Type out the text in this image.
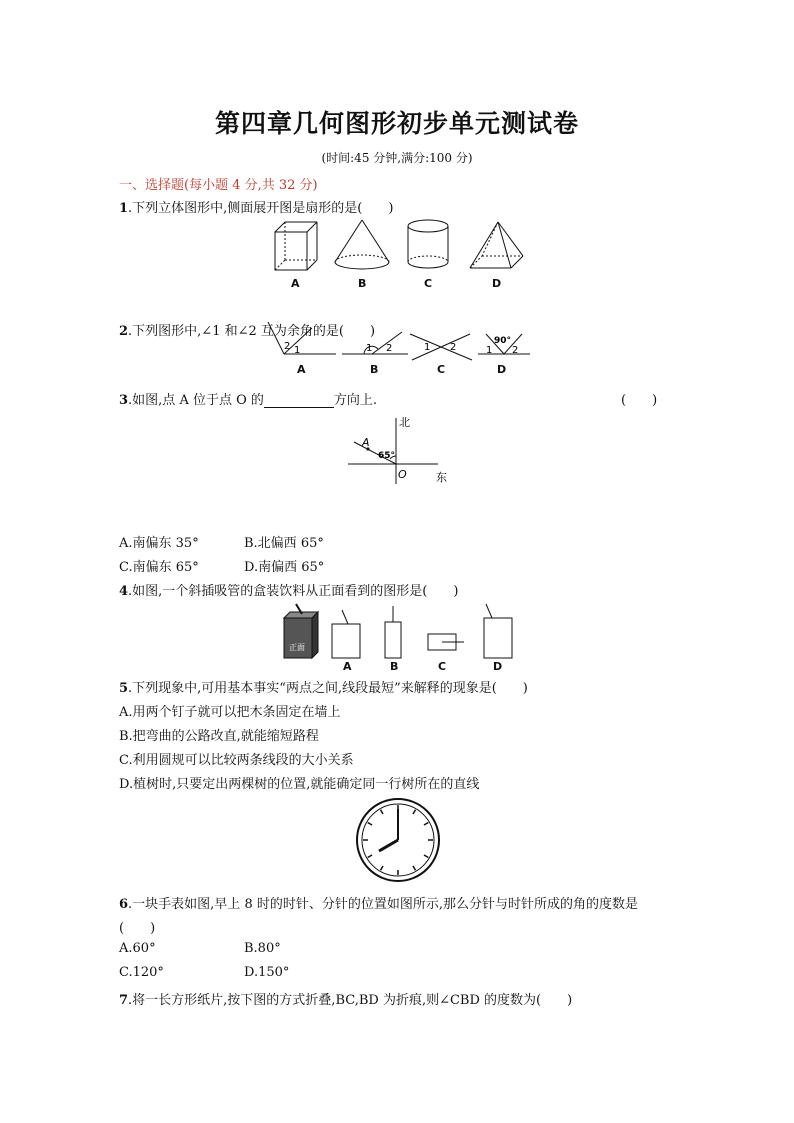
第四章几何图形初步单元测试卷
(时间:45 分钟,满分:100 分)
一、选择题(每小题 4 分,共 32 分)
1.下列立体图形中,侧面展开图是扇形的是(　　)
A	B	C	D
2.下列图形中,∠1 和∠2 互为余角的是(　　)
2 1	1 2	1 2
90°
1 2
A	B	C	D
3.如图,点 A 位于点 O 的	方向上.	(　　)
北
东
O
A
65°
A.南偏东 35°	B.北偏西 65°
C.南偏东 65°	D.南偏西 65°
4.如图,一个斜插吸管的盒装饮料从正面看到的图形是(　　)
正面
A	B	C	D
5.下列现象中,可用基本事实“两点之间,线段最短”来解释的现象是(　　)
A.用两个钉子就可以把木条固定在墙上
B.把弯曲的公路改直,就能缩短路程
C.利用圆规可以比较两条线段的大小关系
D.植树时,只要定出两棵树的位置,就能确定同一行树所在的直线
6.一块手表如图,早上 8 时的时针、分针的位置如图所示,那么分针与时针所成的角的度数是
(　　)
A.60°	B.80°
C.120°	D.150°
7.将一长方形纸片,按下图的方式折叠,BC,BD 为折痕,则∠CBD 的度数为(　　)
